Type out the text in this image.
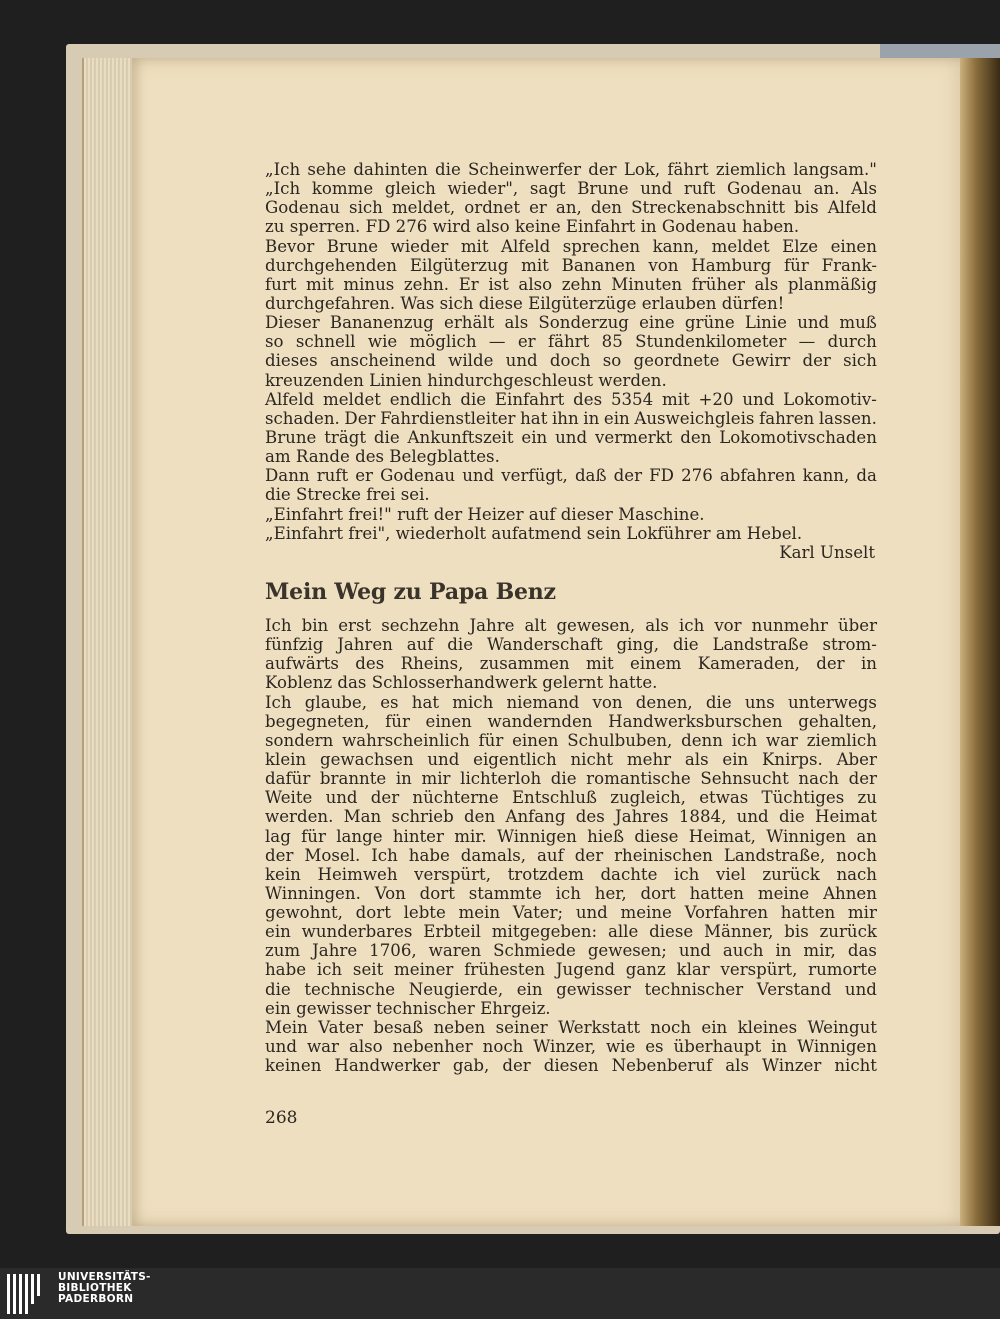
„Ich sehe dahinten die Scheinwerfer der Lok, fährt ziemlich langsam."
„Ich komme gleich wieder", sagt Brune und ruft Godenau an. Als
Godenau sich meldet, ordnet er an, den Streckenabschnitt bis Alfeld
zu sperren. FD 276 wird also keine Einfahrt in Godenau haben.
Bevor Brune wieder mit Alfeld sprechen kann, meldet Elze einen
durchgehenden Eilgüterzug mit Bananen von Hamburg für Frank-
furt mit minus zehn. Er ist also zehn Minuten früher als planmäßig
durchgefahren. Was sich diese Eilgüterzüge erlauben dürfen!
Dieser Bananenzug erhält als Sonderzug eine grüne Linie und muß
so schnell wie möglich — er fährt 85 Stundenkilometer — durch
dieses anscheinend wilde und doch so geordnete Gewirr der sich
kreuzenden Linien hindurchgeschleust werden.
Alfeld meldet endlich die Einfahrt des 5354 mit +20 und Lokomotiv-
schaden. Der Fahrdienstleiter hat ihn in ein Ausweichgleis fahren lassen.
Brune trägt die Ankunftszeit ein und vermerkt den Lokomotivschaden
am Rande des Belegblattes.
Dann ruft er Godenau und verfügt, daß der FD 276 abfahren kann, da
die Strecke frei sei.
„Einfahrt frei!" ruft der Heizer auf dieser Maschine.
„Einfahrt frei", wiederholt aufatmend sein Lokführer am Hebel.
Karl Unselt
Mein Weg zu Papa Benz
Ich bin erst sechzehn Jahre alt gewesen, als ich vor nunmehr über
fünfzig Jahren auf die Wanderschaft ging, die Landstraße strom-
aufwärts des Rheins, zusammen mit einem Kameraden, der in
Koblenz das Schlosserhandwerk gelernt hatte.
Ich glaube, es hat mich niemand von denen, die uns unterwegs
begegneten, für einen wandernden Handwerksburschen gehalten,
sondern wahrscheinlich für einen Schulbuben, denn ich war ziemlich
klein gewachsen und eigentlich nicht mehr als ein Knirps. Aber
dafür brannte in mir lichterloh die romantische Sehnsucht nach der
Weite und der nüchterne Entschluß zugleich, etwas Tüchtiges zu
werden. Man schrieb den Anfang des Jahres 1884, und die Heimat
lag für lange hinter mir. Winnigen hieß diese Heimat, Winnigen an
der Mosel. Ich habe damals, auf der rheinischen Landstraße, noch
kein Heimweh verspürt, trotzdem dachte ich viel zurück nach
Winningen. Von dort stammte ich her, dort hatten meine Ahnen
gewohnt, dort lebte mein Vater; und meine Vorfahren hatten mir
ein wunderbares Erbteil mitgegeben: alle diese Männer, bis zurück
zum Jahre 1706, waren Schmiede gewesen; und auch in mir, das
habe ich seit meiner frühesten Jugend ganz klar verspürt, rumorte
die technische Neugierde, ein gewisser technischer Verstand und
ein gewisser technischer Ehrgeiz.
Mein Vater besaß neben seiner Werkstatt noch ein kleines Weingut
und war also nebenher noch Winzer, wie es überhaupt in Winnigen
keinen Handwerker gab, der diesen Nebenberuf als Winzer nicht
268
UNIVERSITÄTS-
BIBLIOTHEK
PADERBORN
